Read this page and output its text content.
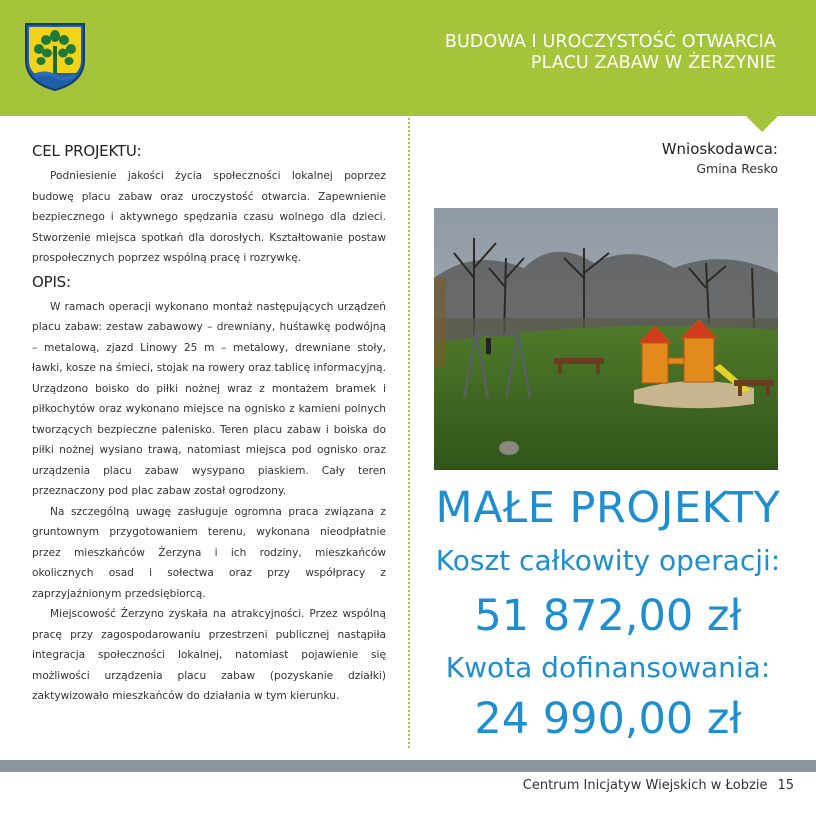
BUDOWA I UROCZYSTOŚĆ OTWARCIA
PLACU ZABAW W ŻERZYNIE
CEL PROJEKTU:

Podniesienie jakości życia społeczności lokalnej poprzez budowę placu zabaw oraz uroczystość otwarcia. Zapewnienie bezpiecznego i aktywnego spędzania czasu wolnego dla dzieci. Stworzenie miejsca spotkań dla dorosłych. Kształtowanie postaw prospołecznych poprzez wspólną pracę i rozrywkę.

OPIS:

W ramach operacji wykonano montaż następujących urządzeń placu zabaw: zestaw zabawowy – drewniany, huśtawkę podwójną – metalową, zjazd Linowy 25 m – metalowy, drewniane stoły, ławki, kosze na śmieci, stojak na rowery oraz tablicę informacyjną. Urządzono boisko do piłki nożnej wraz z montażem bramek i piłkochytów oraz wykonano miejsce na ognisko z kamieni polnych tworzących bezpieczne palenisko. Teren placu zabaw i boiska do piłki nożnej wysiano trawą, natomiast miejsca pod ognisko oraz urządzenia placu zabaw wysypano piaskiem. Cały teren przeznaczony pod plac zabaw został ogrodzony.

Na szczególną uwagę zasługuje ogromna praca związana z gruntownym przygotowaniem terenu, wykonana nieodpłatnie przez mieszkańców Żerzyna i ich rodziny, mieszkańców okolicznych osad i sołectwa oraz przy współpracy z zaprzyjaźnionym przedsiębiorcą.

Miejscowość Żerzyno zyskała na atrakcyjności. Przez wspólną pracę przy zagospodarowaniu przestrzeni publicznej nastąpiła integracja społeczności lokalnej, natomiast pojawienie się możliwości urządzenia placu zabaw (pozyskanie działki) zaktywizowało mieszkańców do działania w tym kierunku.

Wnioskodawca:
Gmina Resko
MAŁE PROJEKTY
Koszt całkowity operacji:
51 872,00 zł
Kwota dofinansowania:
24 990,00 zł
Centrum Inicjatyw Wiejskich w Łobzie 15
